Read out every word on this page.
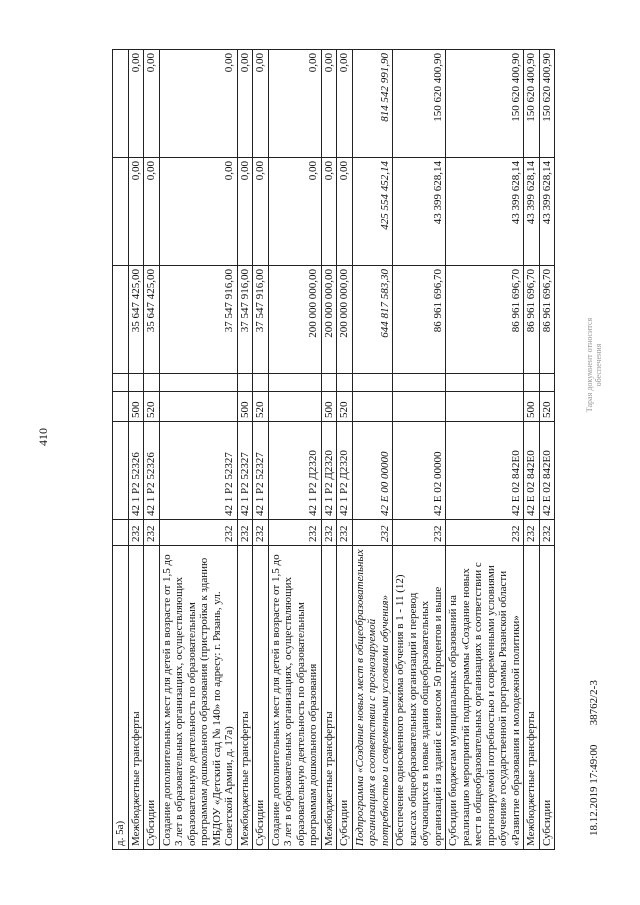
410
д. 5а)							
Межбюджетные трансферты	232	42 1 Р2 52326	500		35 647 425,00	0,00	0,00
Субсидии	232	42 1 Р2 52326	520		35 647 425,00	0,00	0,00
Создание дополнительных мест для детей в возрасте от 1,5 до 3 лет в образовательных организациях, осуществляющих образовательную деятельность по образовательным программам дошкольного образования (пристройка к зданию МБДОУ «Детский сад № 140» по адресу: г. Рязань, ул. Советской Армии, д. 17а)	232	42 1 Р2 52327			37 547 916,00	0,00	0,00
Межбюджетные трансферты	232	42 1 Р2 52327	500		37 547 916,00	0,00	0,00
Субсидии	232	42 1 Р2 52327	520		37 547 916,00	0,00	0,00
Создание дополнительных мест для детей в возрасте от 1,5 до 3 лет в образовательных организациях, осуществляющих образовательную деятельность по образовательным программам дошкольного образования	232	42 1 Р2 Д2320			200 000 000,00	0,00	0,00
Межбюджетные трансферты	232	42 1 Р2 Д2320	500		200 000 000,00	0,00	0,00
Субсидии	232	42 1 Р2 Д2320	520		200 000 000,00	0,00	0,00
Подпрограмма «Создание новых мест в общеобразовательных организациях в соответствии с прогнозируемой потребностью и современными условиями обучения»	232	42 Е 00 00000			644 817 583,30	425 554 452,14	814 542 991,90
Обеспечение односменного режима обучения в 1 - 11 (12) классах общеобразовательных организаций и перевод обучающихся в новые здания общеобразовательных организаций из зданий с износом 50 процентов и выше	232	42 Е 02 00000			86 961 696,70	43 399 628,14	150 620 400,90
Субсидии бюджетам муниципальных образований на реализацию мероприятий подпрограммы «Создание новых мест в общеобразовательных организациях в соответствии с прогнозируемой потребностью и современными условиями обучения» государственной программы Рязанской области «Развитие образования и молодежной политики»	232	42 Е 02 842Е0			86 961 696,70	43 399 628,14	150 620 400,90
Межбюджетные трансферты	232	42 Е 02 842Е0	500		86 961 696,70	43 399 628,14	150 620 400,90
Субсидии	232	42 Е 02 842Е0	520		86 961 696,70	43 399 628,14	150 620 400,90
18.12.2019 17:49:00       38762/2-3
Тарая докумнент относится обеспечения
